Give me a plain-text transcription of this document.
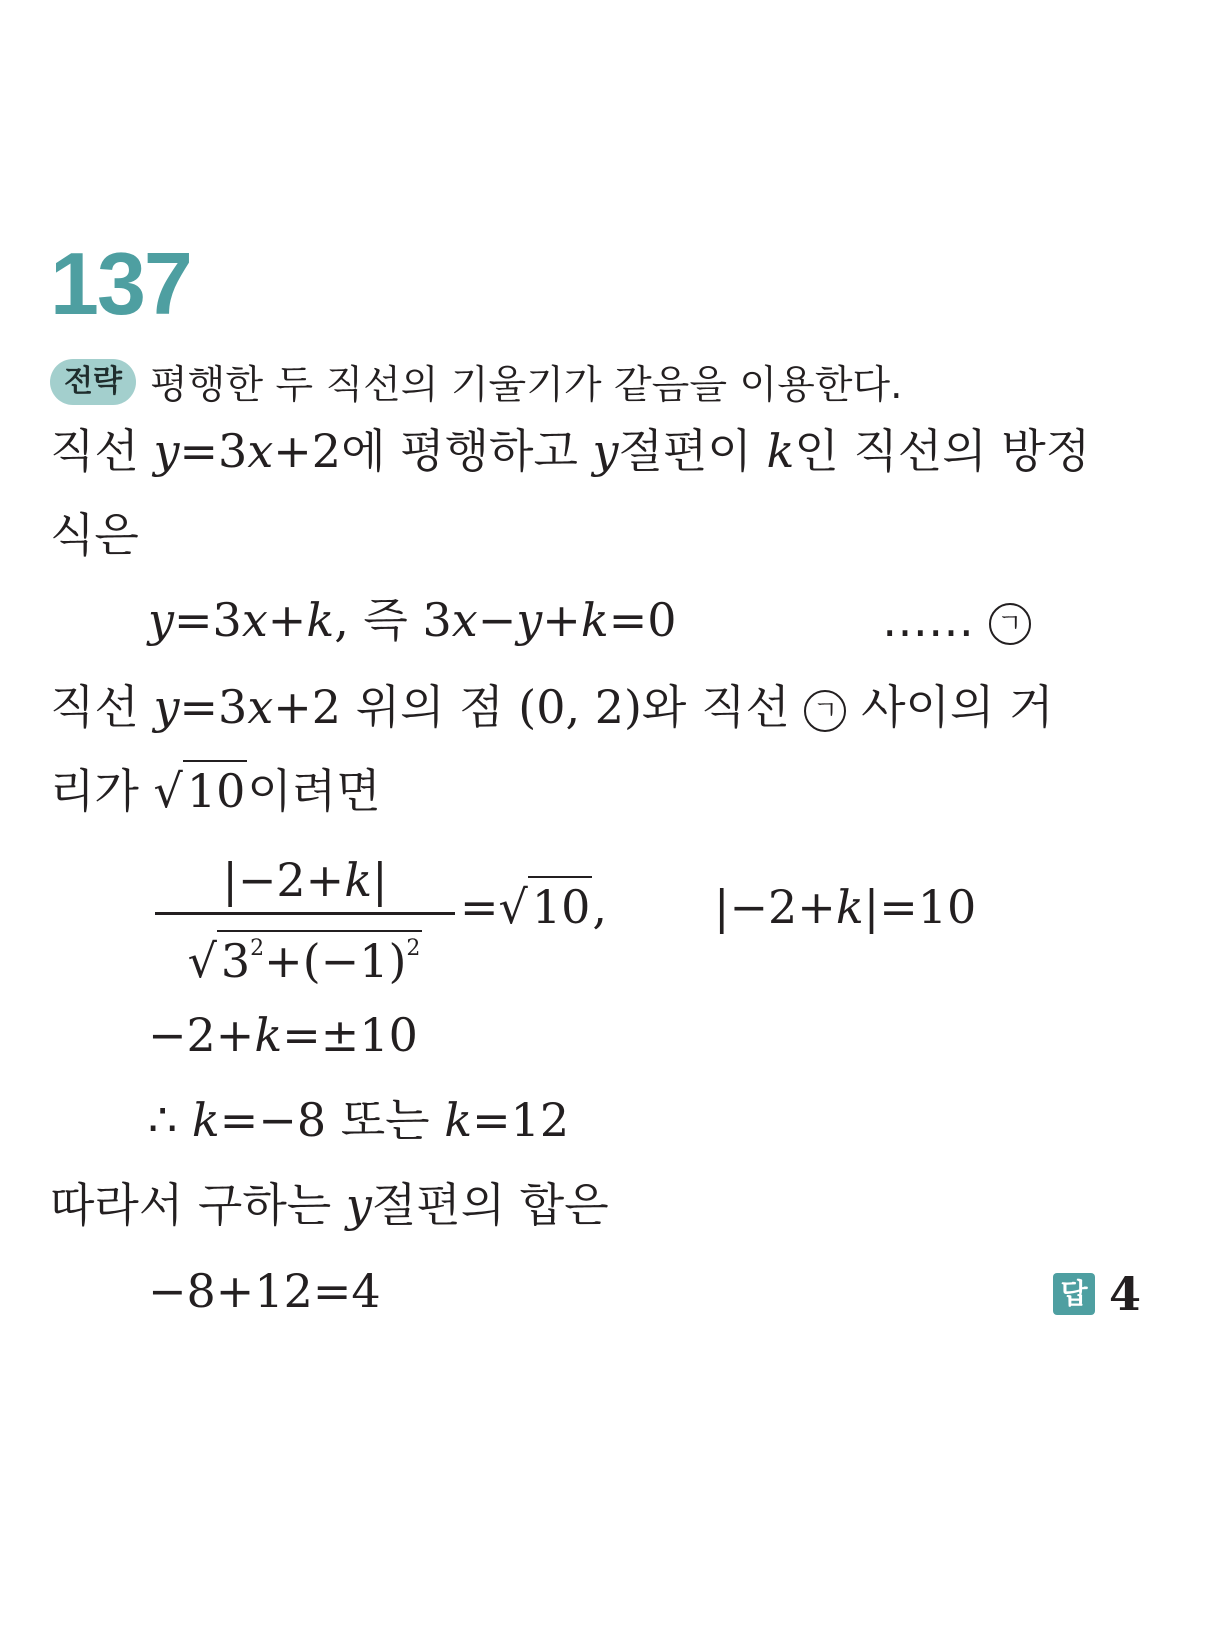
137
전략 평행한 두 직선의 기울기가 같음을 이용한다.
직선 y=3x+2에 평행하고 y절편이 k인 직선의 방정
식은
y=3x+k, 즉 3x−y+k=0	…… ㄱ
직선 y=3x+2 위의 점 (0, 2)와 직선 ㄱ 사이의 거
리가 √10이려면
|−2+k|
$√3^2+(-1)^2$
=√10, |−2+k|=10
−2+k=±10
∴ k=−8 또는 k=12
따라서 구하는 y절편의 합은
−8+12=4	답 4
